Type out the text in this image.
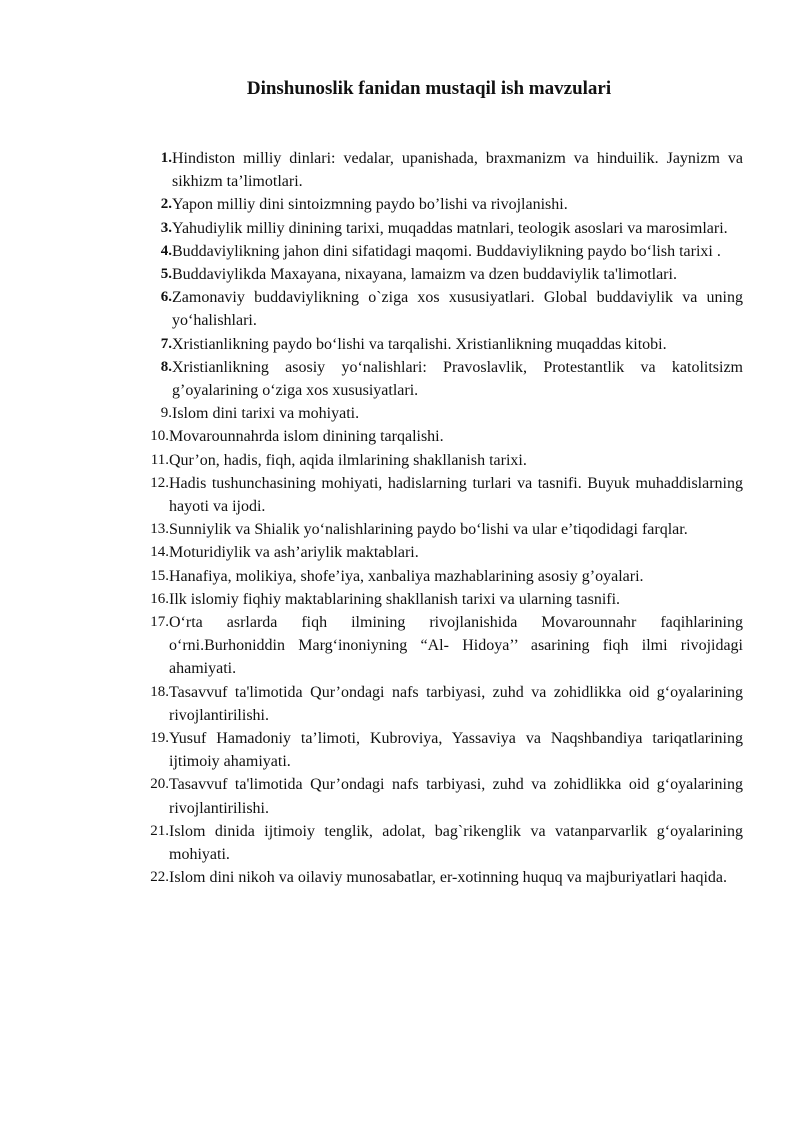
Dinshunoslik fanidan mustaqil ish mavzulari
1. Hindiston milliy dinlari: vedalar, upanishada, braxmanizm va hinduilik. Jaynizm va sikhizm ta’limotlari.
2. Yapon milliy dini sintoizmning paydo bo’lishi va rivojlanishi.
3. Yahudiylik milliy dinining tarixi, muqaddas matnlari, teologik asoslari va marosimlari.
4. Buddaviylikning jahon dini sifatidagi maqomi. Buddaviylikning paydo bo‘lish tarixi .
5. Buddaviylikda Maxayana, nixayana, lamaizm va dzen buddaviylik ta'limotlari.
6. Zamonaviy buddaviylikning o`ziga xos xususiyatlari. Global buddaviylik va uning yo‘halishlari.
7. Xristianlikning paydo bo‘lishi va tarqalishi. Xristianlikning muqaddas kitobi.
8. Xristianlikning asosiy yo‘nalishlari: Pravoslavlik, Protestantlik va katolitsizm g’oyalarining o‘ziga xos xususiyatlari.
9. Islom dini tarixi va mohiyati.
10. Movarounnahrda islom dinining tarqalishi.
11. Qur’on, hadis, fiqh, aqida ilmlarining shakllanish tarixi.
12. Hadis tushunchasining mohiyati, hadislarning turlari va tasnifi. Buyuk muhaddislarning hayoti va ijodi.
13. Sunniylik va Shialik yo‘nalishlarining paydo bo‘lishi va ular e’tiqodidagi farqlar.
14. Moturidiylik va ash’ariylik maktablari.
15. Hanafiya, molikiya, shofe’iya, xanbaliya mazhablarining asosiy g’oyalari.
16. Ilk islomiy fiqhiy maktablarining shakllanish tarixi va ularning tasnifi.
17. O‘rta asrlarda fiqh ilmining rivojlanishida Movarounnahr faqihlarining o‘rni.Burhoniddin Marg‘inoniyning “Al- Hidoya’’ asarining fiqh ilmi rivojidagi ahamiyati.
18. Tasavvuf ta'limotida Qur’ondagi nafs tarbiyasi, zuhd va zohidlikka oid g‘oyalarining rivojlantirilishi.
19. Yusuf Hamadoniy ta’limoti, Kubroviya, Yassaviya va Naqshbandiya tariqatlarining ijtimoiy ahamiyati.
20. Tasavvuf ta'limotida Qur’ondagi nafs tarbiyasi, zuhd va zohidlikka oid g‘oyalarining rivojlantirilishi.
21. Islom dinida ijtimoiy tenglik, adolat, bag`rikenglik va vatanparvarlik g‘oyalarining mohiyati.
22. Islom dini nikoh va oilaviy munosabatlar, er-xotinning huquq va majburiyatlari haqida.
